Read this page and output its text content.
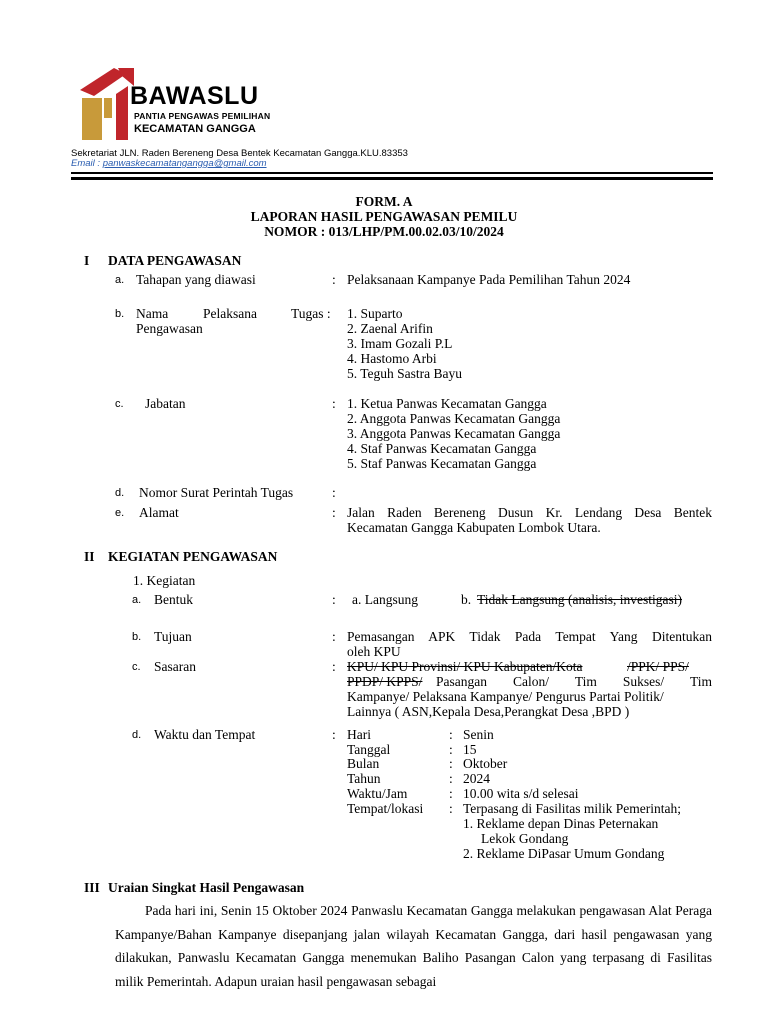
BAWASLU
PANTIA PENGAWAS PEMILIHAN
KECAMATAN GANGGA
Sekretariat JLN. Raden Bereneng Desa Bentek Kecamatan Gangga.KLU.83353
Email : panwaskecamatangangga@gmail.com
FORM. A
LAPORAN HASIL PENGAWASAN PEMILU
NOMOR : 013/LHP/PM.00.02.03/10/2024
I DATA PENGAWASAN
a. Tahapan yang diawasi	: Pelaksanaan Kampanye Pada Pemilihan Tahun 2024
b. Nama	Pelaksana	Tugas :
Pengawasan
1. Suparto
2. Zaenal Arifin
3. Imam Gozali P.L
4. Hastomo Arbi
5. Teguh Sastra Bayu
c. Jabatan	: 1. Ketua Panwas Kecamatan Gangga
2. Anggota Panwas Kecamatan Gangga
3. Anggota Panwas Kecamatan Gangga
4. Staf Panwas Kecamatan Gangga
5. Staf Panwas Kecamatan Gangga
d. Nomor Surat Perintah Tugas	:
e. Alamat	: Jalan Raden Bereneng Dusun Kr. Lendang Desa Bentek
Kecamatan Gangga Kabupaten Lombok Utara.
II KEGIATAN PENGAWASAN
1. Kegiatan
a. Bentuk	: a. Langsung	b. Tidak Langsung (analisis, investigasi)
b. Tujuan	: Pemasangan APK Tidak Pada Tempat Yang Ditentukan
oleh KPU
c. Sasaran	: KPU/ KPU Provinsi/ KPU Kabupaten/Kota	/PPK/ PPS/
PPDP/ KPPS/ Pasangan Calon/ Tim Sukses/ Tim
Kampanye/ Pelaksana Kampanye/ Pengurus Partai Politik/
Lainnya ( ASN,Kepala Desa,Perangkat Desa ,BPD )
d. Waktu dan Tempat	: Hari	: Senin
Tanggal	: 15
Bulan	: Oktober
Tahun	: 2024
Waktu/Jam	: 10.00 wita s/d selesai
Tempat/lokasi : Terpasang di Fasilitas milik Pemerintah;
1. Reklame depan Dinas Peternakan
Lekok Gondang
2. Reklame DiPasar Umum Gondang
III Uraian Singkat Hasil Pengawasan

Pada hari ini, Senin 15 Oktober 2024 Panwaslu Kecamatan Gangga melakukan pengawasan Alat Peraga Kampanye/Bahan Kampanye disepanjang jalan wilayah Kecamatan Gangga, dari hasil pengawasan yang dilakukan, Panwaslu Kecamatan Gangga menemukan Baliho Pasangan Calon yang terpasang di Fasilitas milik Pemerintah. Adapun uraian hasil pengawasan sebagai
